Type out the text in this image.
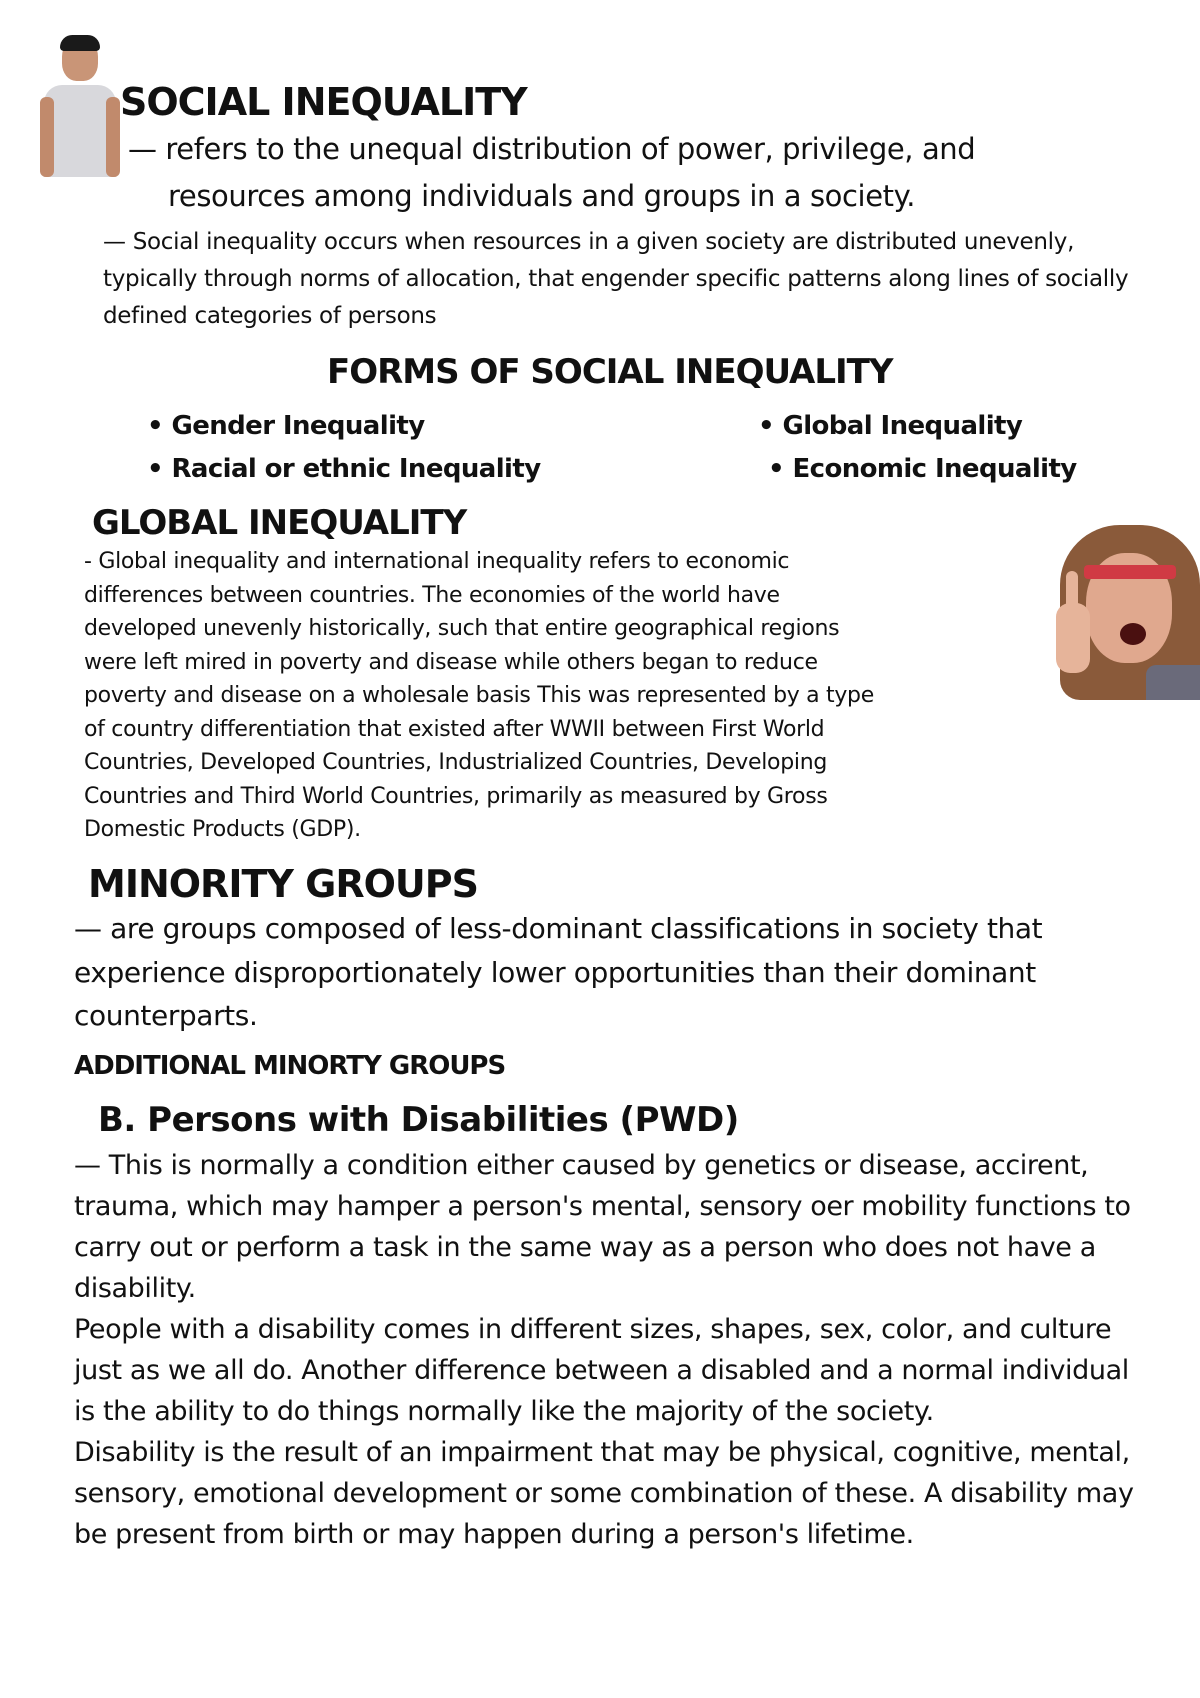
SOCIAL INEQUALITY
— refers to the unequal distribution of power, privilege, and
resources among individuals and groups in a society.

— Social inequality occurs when resources in a given society are distributed unevenly, typically through norms of allocation, that engender specific patterns along lines of socially defined categories of persons

FORMS OF SOCIAL INEQUALITY
• Gender Inequality
• Racial or ethnic Inequality
• Global Inequality
• Economic Inequality
GLOBAL INEQUALITY
- Global inequality and international inequality refers to economic
differences between countries. The economies of the world have
developed unevenly historically, such that entire geographical regions
were left mired in poverty and disease while others began to reduce
poverty and disease on a wholesale basis This was represented by a type
of country differentiation that existed after WWII between First World
Countries, Developed Countries, Industrialized Countries, Developing
Countries and Third World Countries, primarily as measured by Gross
Domestic Products (GDP).
MINORITY GROUPS

— are groups composed of less-dominant classifications in society that experience disproportionately lower opportunities than their dominant counterparts.

ADDITIONAL MINORTY GROUPS
B. Persons with Disabilities (PWD)

— This is normally a condition either caused by genetics or disease, accirent, trauma, which may hamper a person's mental, sensory oer mobility functions to carry out or perform a task in the same way as a person who does not have a disability.

People with a disability comes in different sizes, shapes, sex, color, and culture just as we all do. Another difference between a disabled and a normal individual is the ability to do things normally like the majority of the society.

Disability is the result of an impairment that may be physical, cognitive, mental, sensory, emotional development or some combination of these. A disability may be present from birth or may happen during a person's lifetime.
